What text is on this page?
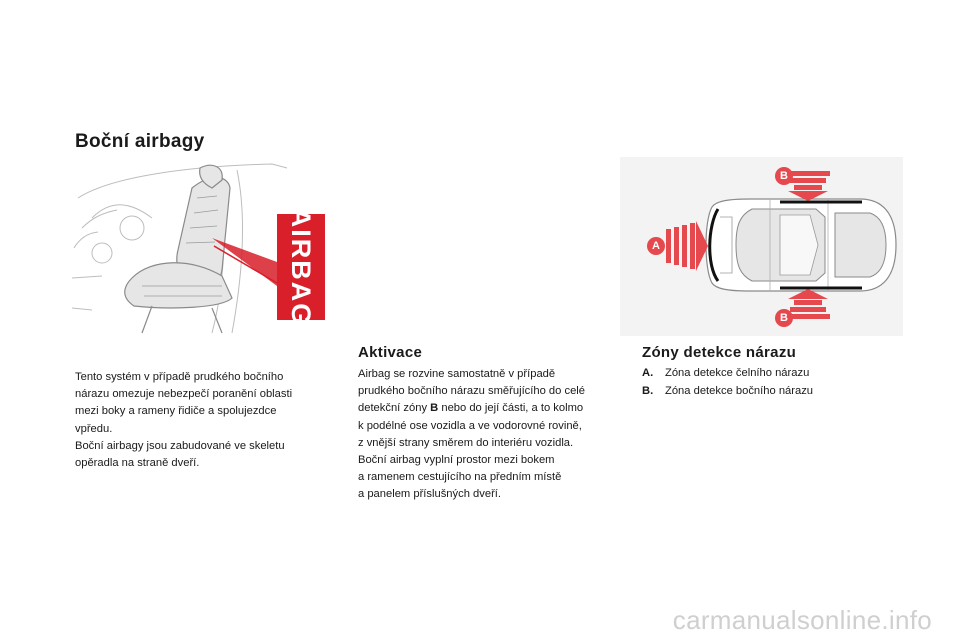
Boční airbagy
AIRBAG
Tento systém v případě prudkého bočního
nárazu omezuje nebezpečí poranění oblasti
mezi boky a rameny řidiče a spolujezdce
vpředu.
Boční airbagy jsou zabudované ve skeletu
opěradla na straně dveří.
Aktivace
Airbag se rozvine samostatně v případě
prudkého bočního nárazu směřujícího do celé
detekční zóny B nebo do její části, a to kolmo
k podélné ose vozidla a ve vodorovné rovině,
z vnější strany směrem do interiéru vozidla.
Boční airbag vyplní prostor mezi bokem
a ramenem cestujícího na předním místě
a panelem příslušných dveří.
A
B
B
Zóny detekce nárazu
A.	Zóna detekce čelního nárazu
B.	Zóna detekce bočního nárazu
carmanualsonline.info
